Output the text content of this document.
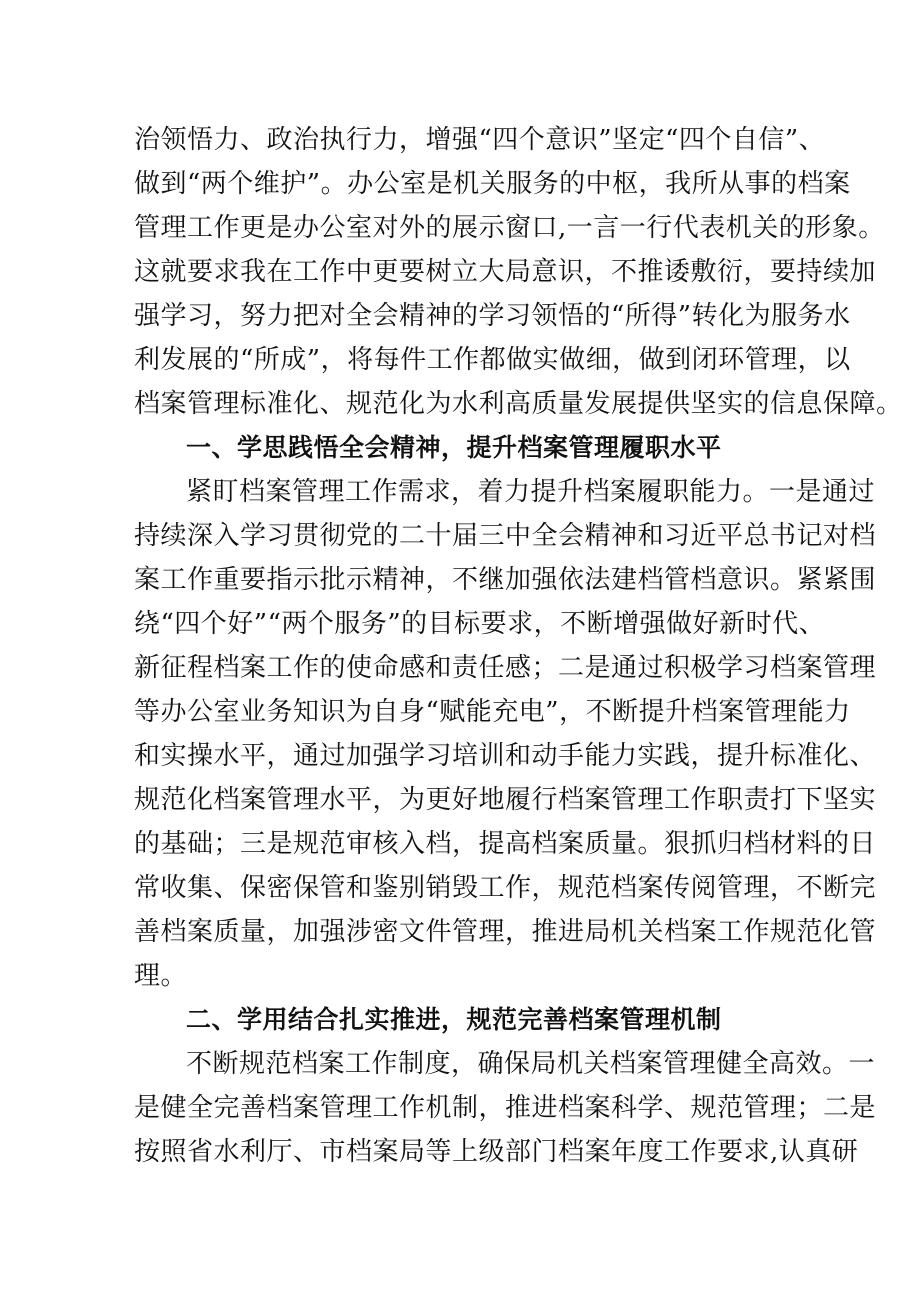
治领悟力、政治执行力，增强“四个意识”坚定“四个自信”、
做到“两个维护”。办公室是机关服务的中枢，我所从事的档案
管理工作更是办公室对外的展示窗口,一言一行代表机关的形象。
这就要求我在工作中更要树立大局意识，不推诿敷衍，要持续加
强学习，努力把对全会精神的学习领悟的“所得”转化为服务水
利发展的“所成”，将每件工作都做实做细，做到闭环管理，以
档案管理标准化、规范化为水利高质量发展提供坚实的信息保障。
一、学思践悟全会精神，提升档案管理履职水平
紧盯档案管理工作需求，着力提升档案履职能力。一是通过
持续深入学习贯彻党的二十届三中全会精神和习近平总书记对档
案工作重要指示批示精神，不继加强依法建档管档意识。紧紧围
绕“四个好”“两个服务”的目标要求，不断增强做好新时代、
新征程档案工作的使命感和责任感；二是通过积极学习档案管理
等办公室业务知识为自身“赋能充电”，不断提升档案管理能力
和实操水平，通过加强学习培训和动手能力实践，提升标准化、
规范化档案管理水平，为更好地履行档案管理工作职责打下坚实
的基础；三是规范审核入档，提高档案质量。狠抓归档材料的日
常收集、保密保管和鉴别销毁工作，规范档案传阅管理，不断完
善档案质量，加强涉密文件管理，推进局机关档案工作规范化管
理。
二、学用结合扎实推进，规范完善档案管理机制
不断规范档案工作制度，确保局机关档案管理健全高效。一
是健全完善档案管理工作机制，推进档案科学、规范管理；二是
按照省水利厅、市档案局等上级部门档案年度工作要求,认真研
